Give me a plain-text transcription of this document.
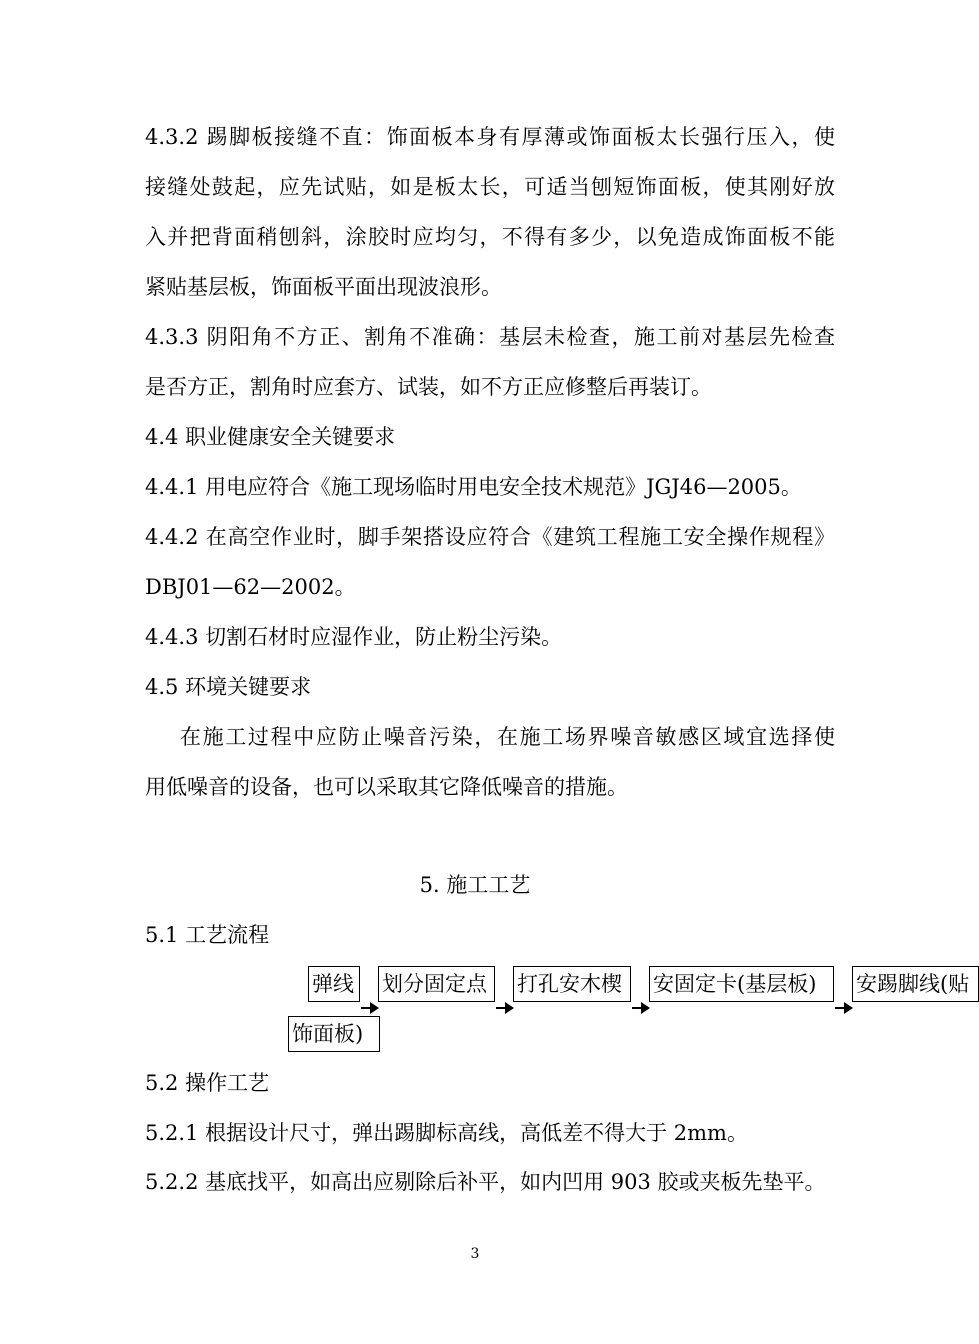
4.3.2 踢脚板接缝不直：饰面板本身有厚薄或饰面板太长强行压入，使
接缝处鼓起，应先试贴，如是板太长，可适当刨短饰面板，使其刚好放
入并把背面稍刨斜，涂胶时应均匀，不得有多少，以免造成饰面板不能
紧贴基层板，饰面板平面出现波浪形。
4.3.3 阴阳角不方正、割角不准确：基层未检查，施工前对基层先检查
是否方正，割角时应套方、试装，如不方正应修整后再装订。
4.4 职业健康安全关键要求
4.4.1 用电应符合《施工现场临时用电安全技术规范》JGJ46—2005。
4.4.2 在高空作业时，脚手架搭设应符合《建筑工程施工安全操作规程》
DBJ01—62—2002。
4.4.3 切割石材时应湿作业，防止粉尘污染。
4.5 环境关键要求
在施工过程中应防止噪音污染，在施工场界噪音敏感区域宜选择使
用低噪音的设备，也可以采取其它降低噪音的措施。
5. 施工工艺
5.1 工艺流程
弹线 划分固定点	打孔安木楔	安固定卡(基层板)	安踢脚线(贴
饰面板)
5.2 操作工艺
5.2.1 根据设计尺寸，弹出踢脚标高线，高低差不得大于 2mm。
5.2.2 基底找平，如高出应剔除后补平，如内凹用 903 胶或夹板先垫平。
3
